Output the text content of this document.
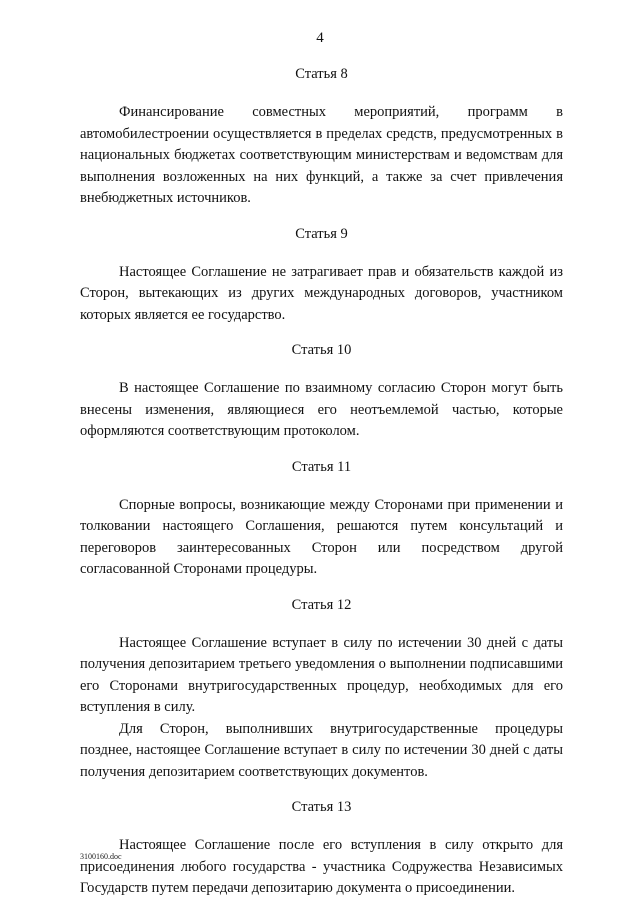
4
Статья 8

Финансирование совместных мероприятий, программ в автомобилестроении осуществляется в пределах средств, предусмотренных в национальных бюджетах соответствующим министерствам и ведомствам для выполнения возложенных на них функций, а также за счет привлечения внебюджетных источников.

Статья 9

Настоящее Соглашение не затрагивает прав и обязательств каждой из Сторон, вытекающих из других международных договоров, участником которых является ее государство.

Статья 10

В настоящее Соглашение по взаимному согласию Сторон могут быть внесены изменения, являющиеся его неотъемлемой частью, которые оформляются соответствующим протоколом.

Статья 11

Спорные вопросы, возникающие между Сторонами при применении и толковании настоящего Соглашения, решаются путем консультаций и переговоров заинтересованных Сторон или посредством другой согласованной Сторонами процедуры.

Статья 12

Настоящее Соглашение вступает в силу по истечении 30 дней с даты получения депозитарием третьего уведомления о выполнении подписавшими его Сторонами внутригосударственных процедур, необходимых для его вступления в силу.

Для Сторон, выполнивших внутригосударственные процедуры позднее, настоящее Соглашение вступает в силу по истечении 30 дней с даты получения депозитарием соответствующих документов.

Статья 13

Настоящее Соглашение после его вступления в силу открыто для присоединения любого государства - участника Содружества Независимых Государств путем передачи депозитарию документа о присоединении.

3100160.doc
